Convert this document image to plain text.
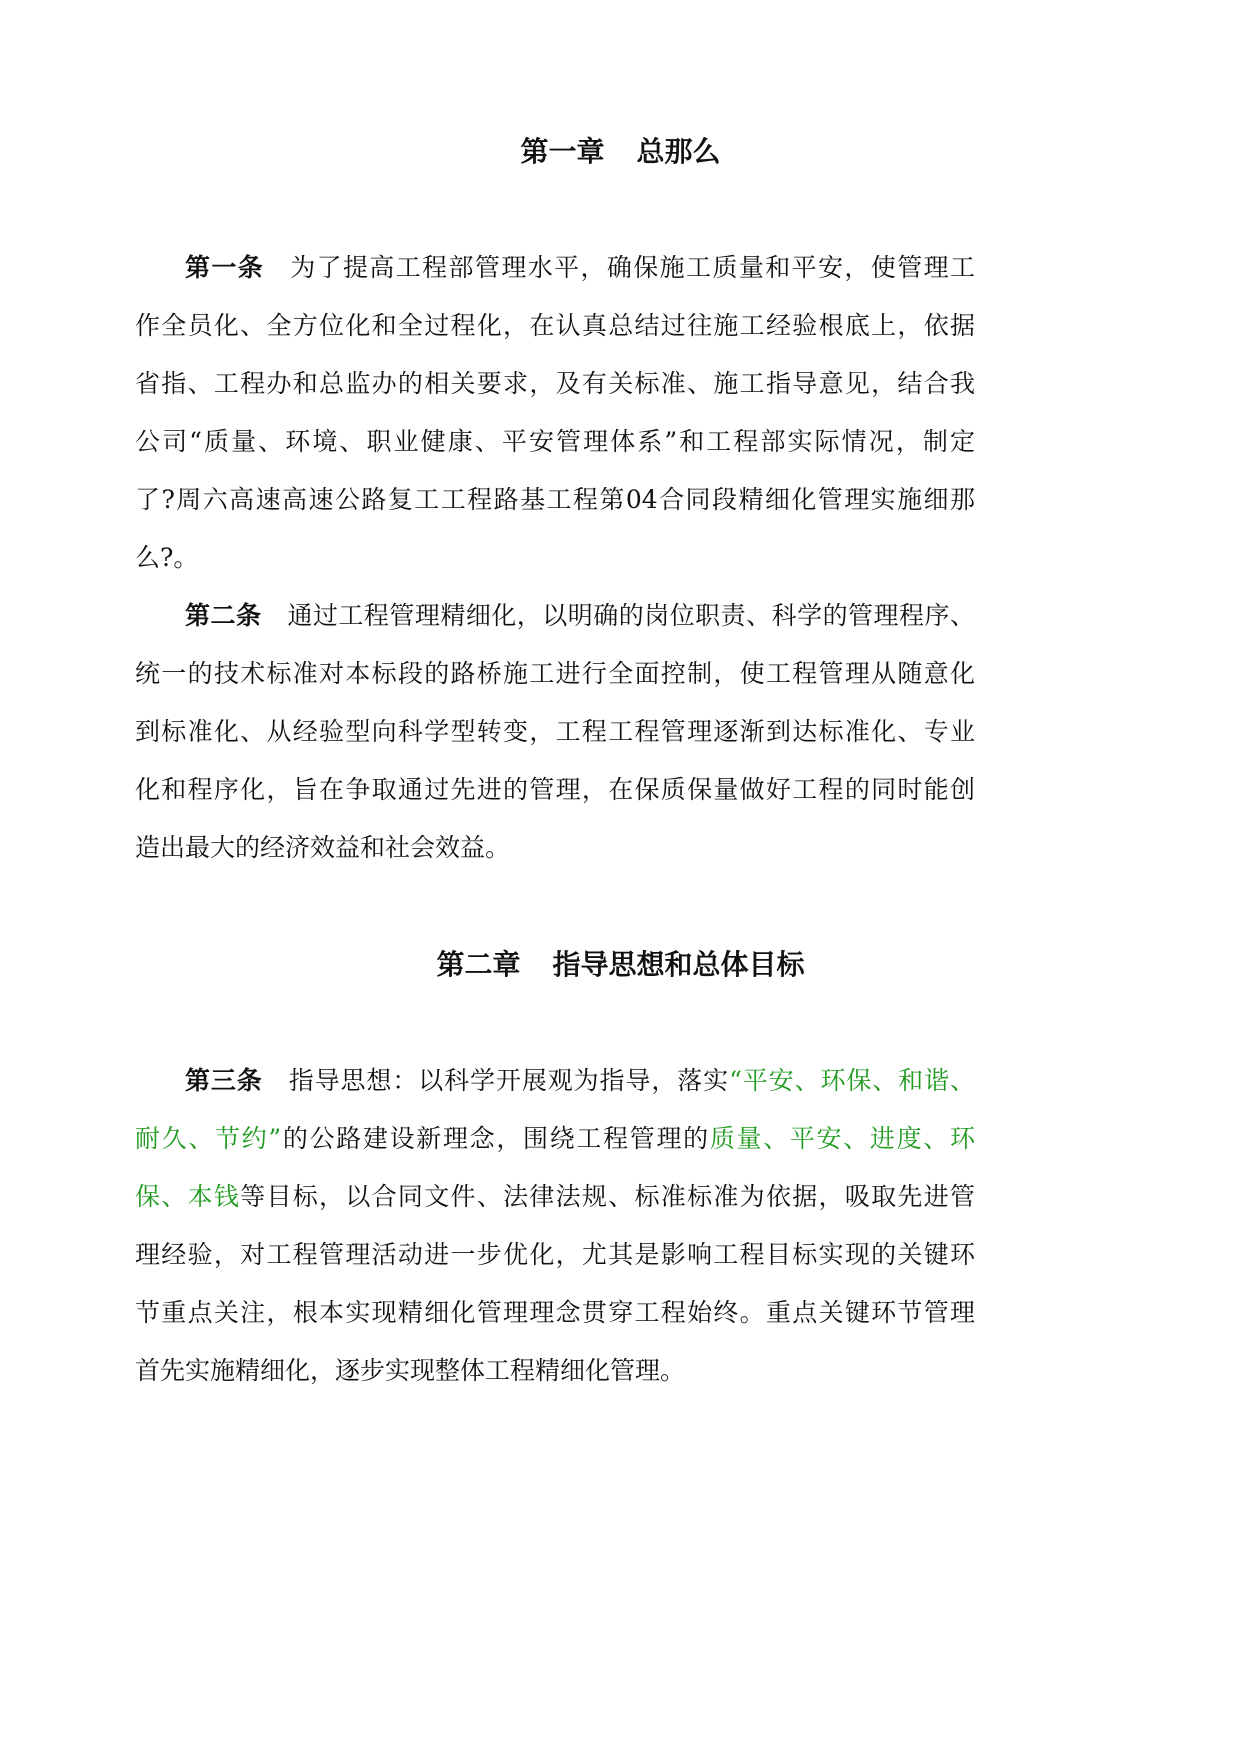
第一章 总那么
第一条 为了提高工程部管理水平，确保施工质量和平安，使管理工
作全员化、全方位化和全过程化，在认真总结过往施工经验根底上，依据
省指、工程办和总监办的相关要求，及有关标准、施工指导意见，结合我
公司“质量、环境、职业健康、平安管理体系”和工程部实际情况，制定
了?周六高速高速公路复工工程路基工程第04合同段精细化管理实施细那
么?。
第二条 通过工程管理精细化，以明确的岗位职责、科学的管理程序、
统一的技术标准对本标段的路桥施工进行全面控制，使工程管理从随意化
到标准化、从经验型向科学型转变，工程工程管理逐渐到达标准化、专业
化和程序化，旨在争取通过先进的管理，在保质保量做好工程的同时能创
造出最大的经济效益和社会效益。
第二章 指导思想和总体目标
第三条 指导思想：以科学开展观为指导，落实“平安、环保、和谐、
耐久、节约”的公路建设新理念，围绕工程管理的质量、平安、进度、环
保、本钱等目标，以合同文件、法律法规、标准标准为依据，吸取先进管
理经验，对工程管理活动进一步优化，尤其是影响工程目标实现的关键环
节重点关注，根本实现精细化管理理念贯穿工程始终。重点关键环节管理
首先实施精细化，逐步实现整体工程精细化管理。
